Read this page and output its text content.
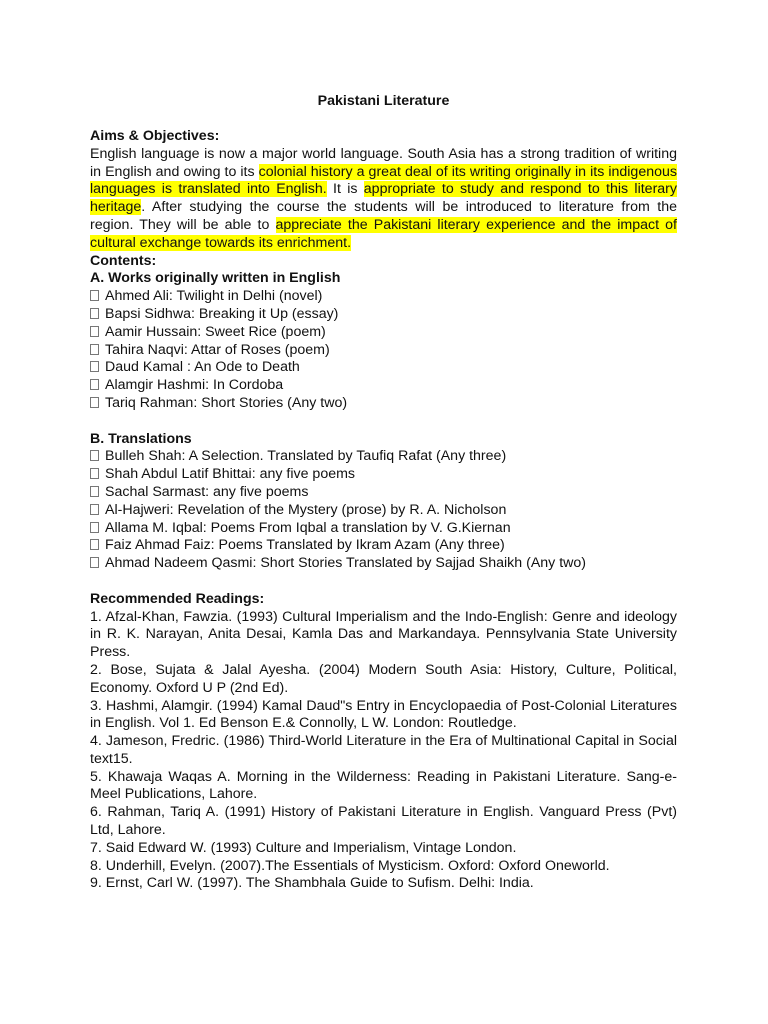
Pakistani Literature

Aims & Objectives:

English language is now a major world language. South Asia has a strong tradition of writing in English and owing to its colonial history a great deal of its writing originally in its indigenous languages is translated into English. It is appropriate to study and respond to this literary heritage. After studying the course the students will be introduced to literature from the region. They will be able to appreciate the Pakistani literary experience and the impact of cultural exchange towards its enrichment.

Contents:

A. Works originally written in English

Ahmed Ali: Twilight in Delhi (novel)
Bapsi Sidhwa: Breaking it Up (essay)
Aamir Hussain: Sweet Rice (poem)
Tahira Naqvi: Attar of Roses (poem)
Daud Kamal : An Ode to Death
Alamgir Hashmi: In Cordoba
Tariq Rahman: Short Stories (Any two)

B. Translations

Bulleh Shah: A Selection. Translated by Taufiq Rafat (Any three)
Shah Abdul Latif Bhittai: any five poems
Sachal Sarmast: any five poems
Al-Hajweri: Revelation of the Mystery (prose) by R. A. Nicholson
Allama M. Iqbal: Poems From Iqbal a translation by V. G.Kiernan
Faiz Ahmad Faiz: Poems Translated by Ikram Azam (Any three)
Ahmad Nadeem Qasmi: Short Stories Translated by Sajjad Shaikh (Any two)

Recommended Readings:

1. Afzal-Khan, Fawzia. (1993) Cultural Imperialism and the Indo-English: Genre and ideology in R. K. Narayan, Anita Desai, Kamla Das and Markandaya. Pennsylvania State University Press.
2. Bose, Sujata & Jalal Ayesha. (2004) Modern South Asia: History, Culture, Political, Economy. Oxford U P (2nd Ed).
3. Hashmi, Alamgir. (1994) Kamal Daud"s Entry in Encyclopaedia of Post-Colonial Literatures in English. Vol 1. Ed Benson E.& Connolly, L W. London: Routledge.
4. Jameson, Fredric. (1986) Third-World Literature in the Era of Multinational Capital in Social text15.
5. Khawaja Waqas A. Morning in the Wilderness: Reading in Pakistani Literature. Sang-e-Meel Publications, Lahore.
6. Rahman, Tariq A. (1991) History of Pakistani Literature in English. Vanguard Press (Pvt) Ltd, Lahore.
7. Said Edward W. (1993) Culture and Imperialism, Vintage London.
8. Underhill, Evelyn. (2007).The Essentials of Mysticism. Oxford: Oxford Oneworld.
9. Ernst, Carl W. (1997). The Shambhala Guide to Sufism. Delhi: India.
